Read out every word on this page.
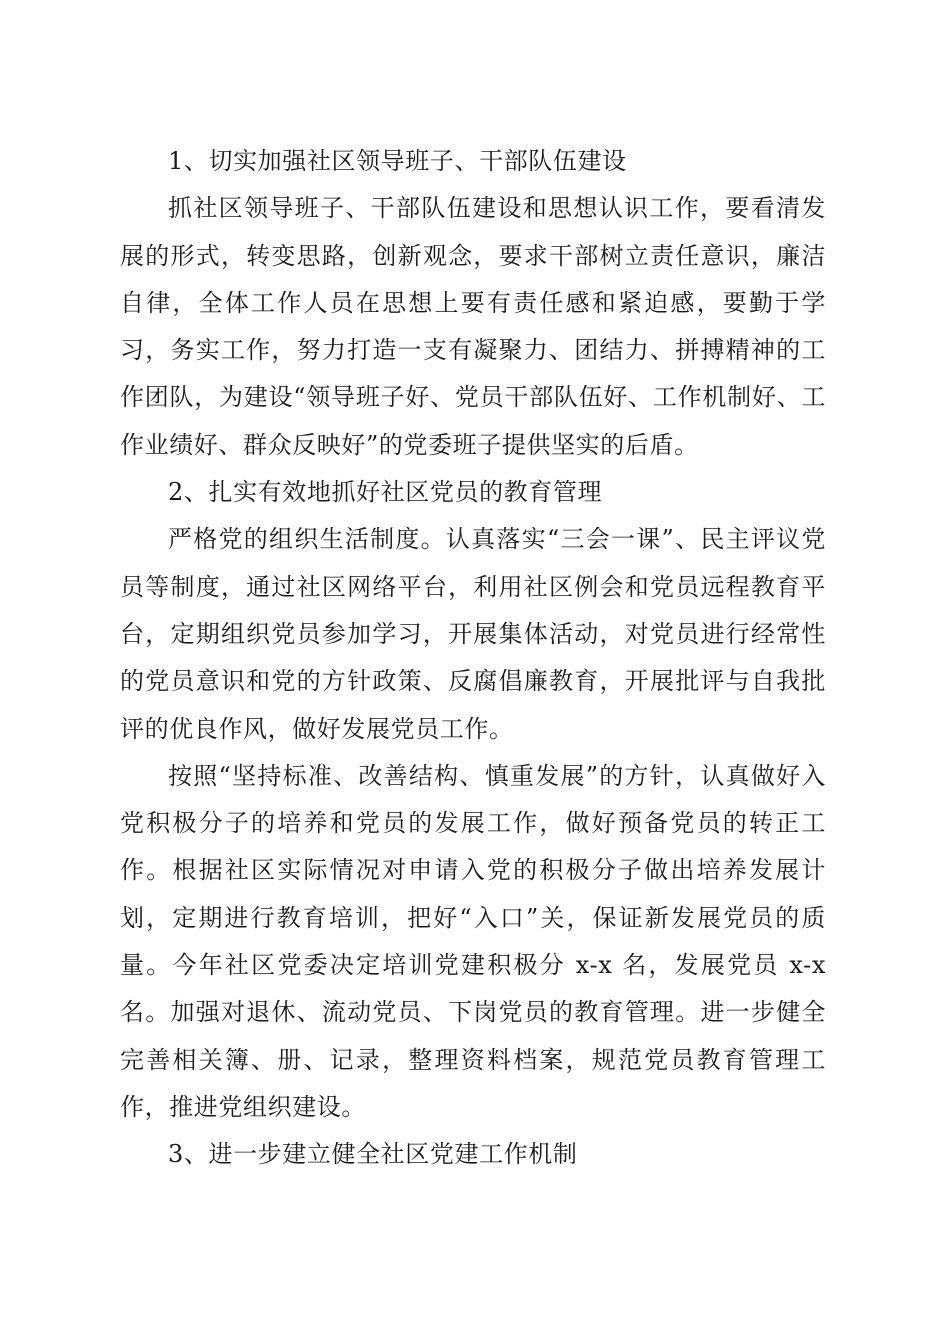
1、切实加强社区领导班子、干部队伍建设

抓社区领导班子、干部队伍建设和思想认识工作，要看清发展的形式，转变思路，创新观念，要求干部树立责任意识，廉洁自律，全体工作人员在思想上要有责任感和紧迫感，要勤于学习，务实工作，努力打造一支有凝聚力、团结力、拼搏精神的工作团队，为建设“领导班子好、党员干部队伍好、工作机制好、工作业绩好、群众反映好”的党委班子提供坚实的后盾。

2、扎实有效地抓好社区党员的教育管理

严格党的组织生活制度。认真落实“三会一课”、民主评议党员等制度，通过社区网络平台，利用社区例会和党员远程教育平台，定期组织党员参加学习，开展集体活动，对党员进行经常性的党员意识和党的方针政策、反腐倡廉教育，开展批评与自我批评的优良作风，做好发展党员工作。

按照“坚持标准、改善结构、慎重发展”的方针，认真做好入党积极分子的培养和党员的发展工作，做好预备党员的转正工作。根据社区实际情况对申请入党的积极分子做出培养发展计划，定期进行教育培训，把好“入口”关，保证新发展党员的质量。今年社区党委决定培训党建积极分 x-x 名，发展党员 x-x 名。加强对退休、流动党员、下岗党员的教育管理。进一步健全完善相关簿、册、记录，整理资料档案，规范党员教育管理工作，推进党组织建设。

3、进一步建立健全社区党建工作机制
